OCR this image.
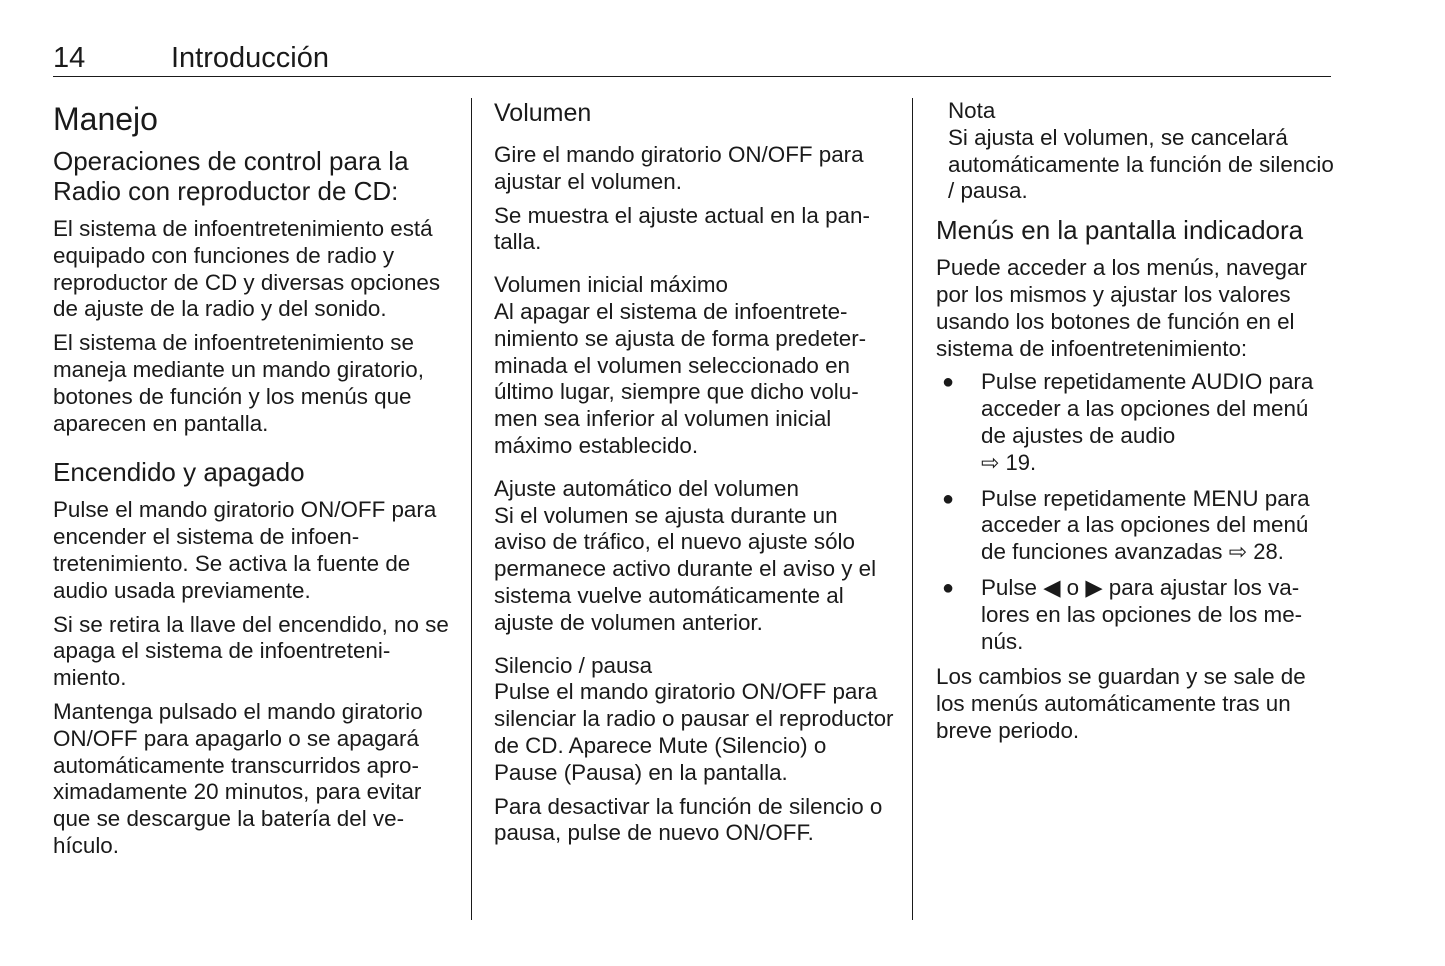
14	Introducción
Manejo
Operaciones de control para la Radio con reproductor de CD:

El sistema de infoentretenimiento está equipado con funciones de radio y reproductor de CD y diversas opciones de ajuste de la radio y del sonido.

El sistema de infoentretenimiento se maneja mediante un mando giratorio, botones de función y los menús que aparecen en pantalla.

Encendido y apagado

Pulse el mando giratorio ON/OFF para encender el sistema de infoentretenimiento. Se activa la fuente de audio usada previamente.

Si se retira la llave del encendido, no se apaga el sistema de infoentretenimiento.

Mantenga pulsado el mando giratorio ON/OFF para apagarlo o se apagará automáticamente transcurridos aproximadamente 20 minutos, para evitar que se descargue la batería del vehículo.

Volumen

Gire el mando giratorio ON/OFF para ajustar el volumen.

Se muestra el ajuste actual en la pantalla.

Volumen inicial máximo

Al apagar el sistema de infoentretenimiento se ajusta de forma predeterminada el volumen seleccionado en último lugar, siempre que dicho volumen sea inferior al volumen inicial máximo establecido.

Ajuste automático del volumen

Si el volumen se ajusta durante un aviso de tráfico, el nuevo ajuste sólo permanece activo durante el aviso y el sistema vuelve automáticamente al ajuste de volumen anterior.

Silencio / pausa

Pulse el mando giratorio ON/OFF para silenciar la radio o pausar el reproductor de CD. Aparece Mute (Silencio) o Pause (Pausa) en la pantalla.

Para desactivar la función de silencio o pausa, pulse de nuevo ON/OFF.

Nota

Si ajusta el volumen, se cancelará automáticamente la función de silencio / pausa.

Menús en la pantalla indicadora

Puede acceder a los menús, navegar por los mismos y ajustar los valores usando los botones de función en el sistema de infoentretenimiento:

● Pulse repetidamente AUDIO para acceder a las opciones del menú de ajustes de audio
⇨ 19.
● Pulse repetidamente MENU para acceder a las opciones del menú de funciones avanzadas ⇨ 28.
● Pulse ◀ o ▶ para ajustar los valores en las opciones de los menús.

Los cambios se guardan y se sale de los menús automáticamente tras un breve periodo.
